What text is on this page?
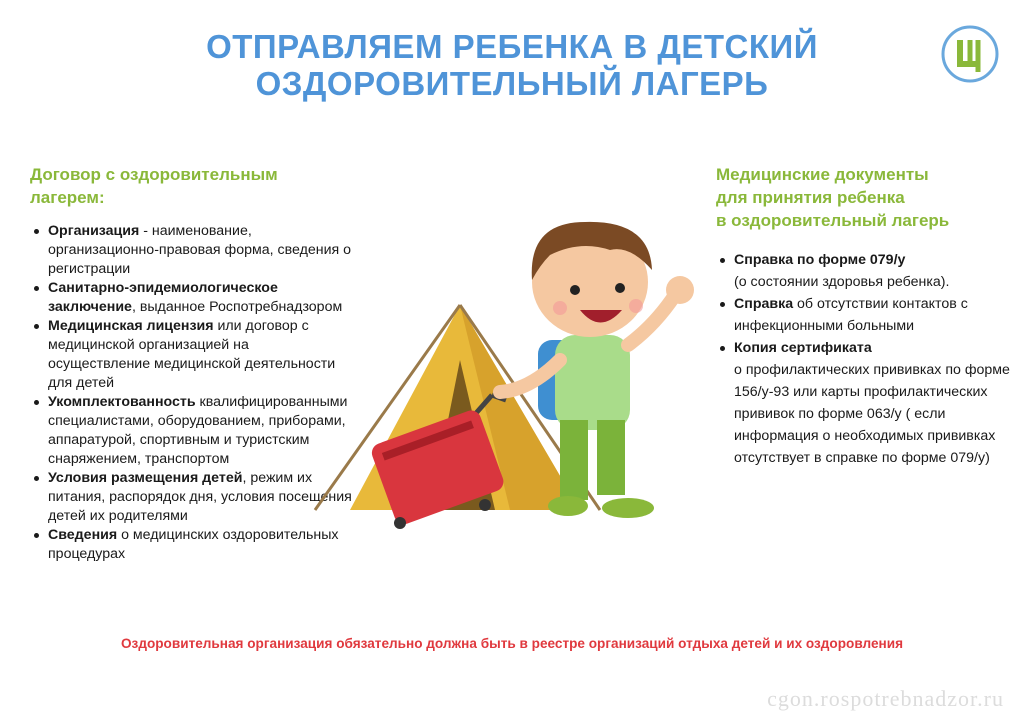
ОТПРАВЛЯЕМ РЕБЕНКА В ДЕТСКИЙ
ОЗДОРОВИТЕЛЬНЫЙ ЛАГЕРЬ
Договор с оздоровительным
лагерем:
Организация - наименование, организационно-правовая форма, сведения о регистрации
Санитарно-эпидемиологическое заключение, выданное Роспотребнадзором
Медицинская лицензия или договор с медицинской организацией на осуществление медицинской деятельности для детей
Укомплектованность квалифицированными специалистами, оборудованием, приборами, аппаратурой, спортивным и туристским снаряжением, транспортом
Условия размещения детей, режим их питания, распорядок дня, условия посещения детей их родителями
Сведения о медицинских оздоровительных процедурах
Медицинские документы
для принятия ребенка
в оздоровительный лагерь
Справка по форме 079/у
(о состоянии здоровья ребенка).
Справка об отсутствии контактов с инфекционными больными
Копия сертификата
о профилактических прививках по форме 156/у-93 или карты профилактических прививок по форме 063/у ( если информация о необходимых прививках отсутствует в справке по форме 079/у)
Оздоровительная организация обязательно должна быть в реестре организаций отдыха детей и их оздоровления
cgon.rospotrebnadzor.ru
